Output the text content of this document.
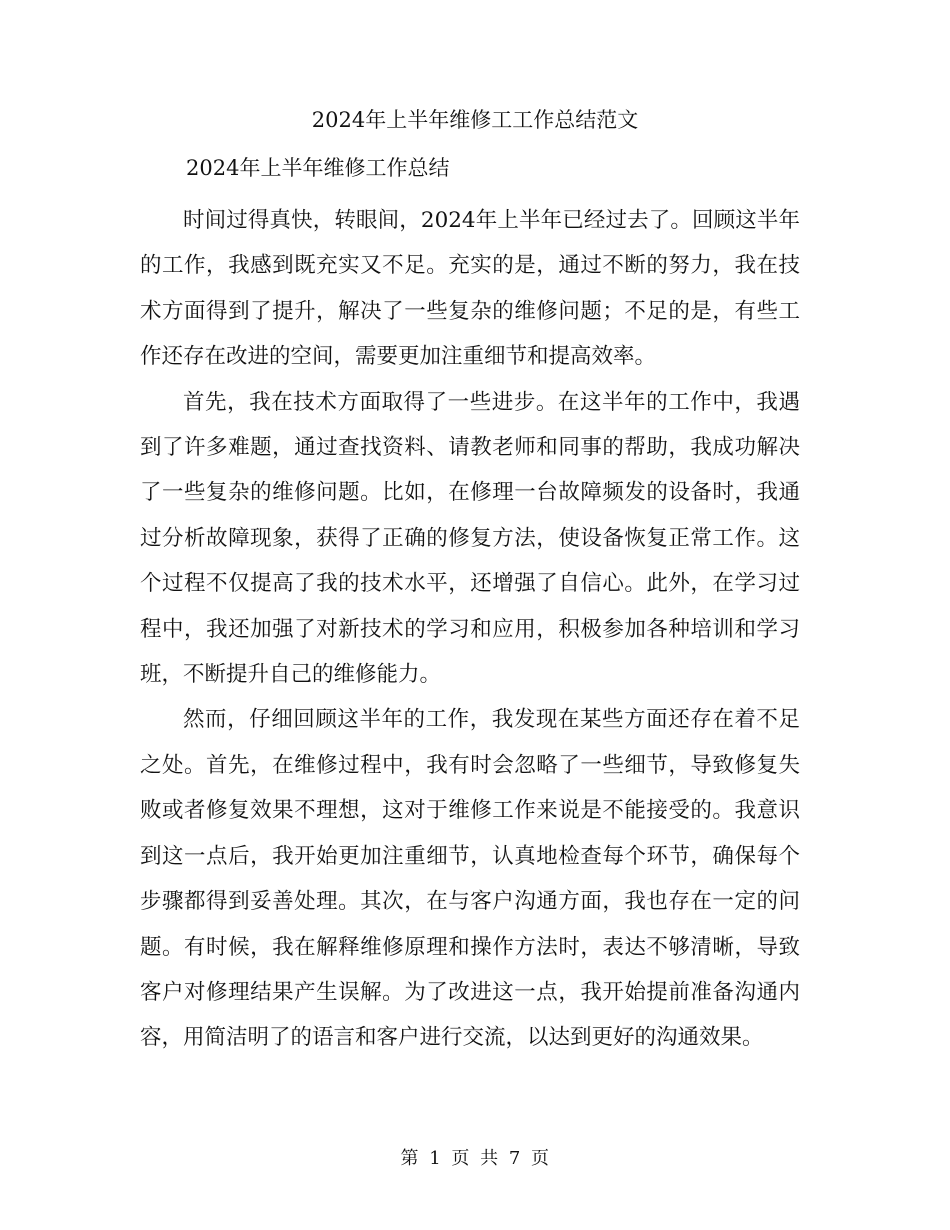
2024年上半年维修工工作总结范文

2024年上半年维修工作总结

时间过得真快，转眼间，2024年上半年已经过去了。回顾这半年的工作，我感到既充实又不足。充实的是，通过不断的努力，我在技术方面得到了提升，解决了一些复杂的维修问题；不足的是，有些工作还存在改进的空间，需要更加注重细节和提高效率。

首先，我在技术方面取得了一些进步。在这半年的工作中，我遇到了许多难题，通过查找资料、请教老师和同事的帮助，我成功解决了一些复杂的维修问题。比如，在修理一台故障频发的设备时，我通过分析故障现象，获得了正确的修复方法，使设备恢复正常工作。这个过程不仅提高了我的技术水平，还增强了自信心。此外，在学习过程中，我还加强了对新技术的学习和应用，积极参加各种培训和学习班，不断提升自己的维修能力。

然而，仔细回顾这半年的工作，我发现在某些方面还存在着不足之处。首先，在维修过程中，我有时会忽略了一些细节，导致修复失败或者修复效果不理想，这对于维修工作来说是不能接受的。我意识到这一点后，我开始更加注重细节，认真地检查每个环节，确保每个步骤都得到妥善处理。其次，在与客户沟通方面，我也存在一定的问题。有时候，我在解释维修原理和操作方法时，表达不够清晰，导致客户对修理结果产生误解。为了改进这一点，我开始提前准备沟通内容，用简洁明了的语言和客户进行交流，以达到更好的沟通效果。

第 1 页 共 7 页
